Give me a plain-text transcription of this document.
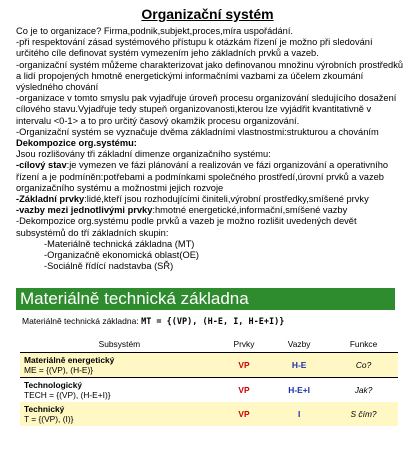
Organizační systém

Co je to organizace? Firma,podnik,subjekt,proces,míra uspořádání.

-při respektování zásad systémového přístupu k otázkám řízení je možno při sledování určitého cíle definovat systém vymezením jeho základních prvků a vazeb.

-organizační systém můžeme charakterizovat jako definovanou množinu výrobních prostředků a lidí propojených hmotně energetickými informačními vazbami za účelem zkoumání výsledného chování

-organizace v tomto smyslu pak vyjadřuje úroveň procesu organizování sledujícího dosažení cílového stavu.Vyjadřuje tedy stupeň organizovanosti,kterou lze vyjádřit kvantitativně v intervalu <0-1> a to pro určitý časový okamžik procesu organizování.

-Organizační systém se vyznačuje dvěma základními vlastnostmi:strukturou a chováním

Dekompozice org.systému:

Jsou rozlišovány tři základní dimenze organizačního systému:

-cílový stav:je vymezen ve fázi plánování a realizován ve fázi organizování a operativního řízení a je podmíněn:potřebami a podmínkami společného prostředí,úrovní prvků a vazeb organizačního systému a možnostmi jejich rozvoje

-Základní prvky:lidé,kteří jsou rozhodujícími činiteli,výrobní prostředky,smíšené prvky

-vazby mezi jednotlivými prvky:hmotné energetické,informační,smíšené vazby

-Dekompozice org.systému podle prvků a vazeb je možno rozlišit uvedených devět subsystémů do tří základních skupin:

-Materiálně technická základna (MT)

-Organizačně ekonomická oblast(OE)

-Sociálně řídící nadstavba (SŘ)

Materiálně technická základna
Materiálně technická základna: MT = {(VP), (H-E, I, H-E+I)}
Subsystém	Prvky	Vazby	Funkce

Materiálně energetický
ME = {(VP), (H-E)}	VP	H-E	Co?

Technologický
TECH = {(VP), (H-E+I)}	VP	H-E+I	Jak?

Technický
T = {(VP), (I)}	VP	I	S čím?
